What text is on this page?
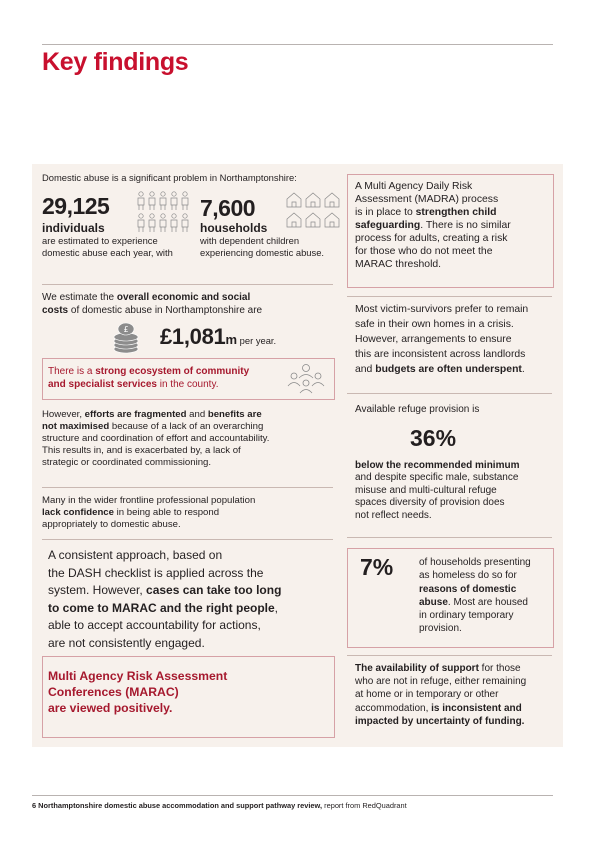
Key findings
Domestic abuse is a significant problem in Northamptonshire:
29,125
individuals
are estimated to experience
domestic abuse each year, with
7,600
households
with dependent children
experiencing domestic abuse.
We estimate the overall economic and social
costs of domestic abuse in Northamptonshire are
£ £1,081m per year.
There is a strong ecosystem of community
and specialist services in the county.
However, efforts are fragmented and benefits are
not maximised because of a lack of an overarching
structure and coordination of effort and accountability.
This results in, and is exacerbated by, a lack of
strategic or coordinated commissioning.
Many in the wider frontline professional population
lack confidence in being able to respond
appropriately to domestic abuse.
A consistent approach, based on
the DASH checklist is applied across the
system. However, cases can take too long
to come to MARAC and the right people,
able to accept accountability for actions,
are not consistently engaged.
Multi Agency Risk Assessment
Conferences (MARAC)
are viewed positively.
A Multi Agency Daily Risk
Assessment (MADRA) process
is in place to strengthen child
safeguarding. There is no similar
process for adults, creating a risk
for those who do not meet the
MARAC threshold.
Most victim-survivors prefer to remain
safe in their own homes in a crisis.
However, arrangements to ensure
this are inconsistent across landlords
and budgets are often underspent.
Available refuge provision is
36%
below the recommended minimum
and despite specific male, substance
misuse and multi-cultural refuge
spaces diversity of provision does
not reflect needs.
7%	of households presenting
as homeless do so for
reasons of domestic
abuse. Most are housed
in ordinary temporary
provision.
The availability of support for those
who are not in refuge, either remaining
at home or in temporary or other
accommodation, is inconsistent and
impacted by uncertainty of funding.
6 Northamptonshire domestic abuse accommodation and support pathway review, report from RedQuadrant
